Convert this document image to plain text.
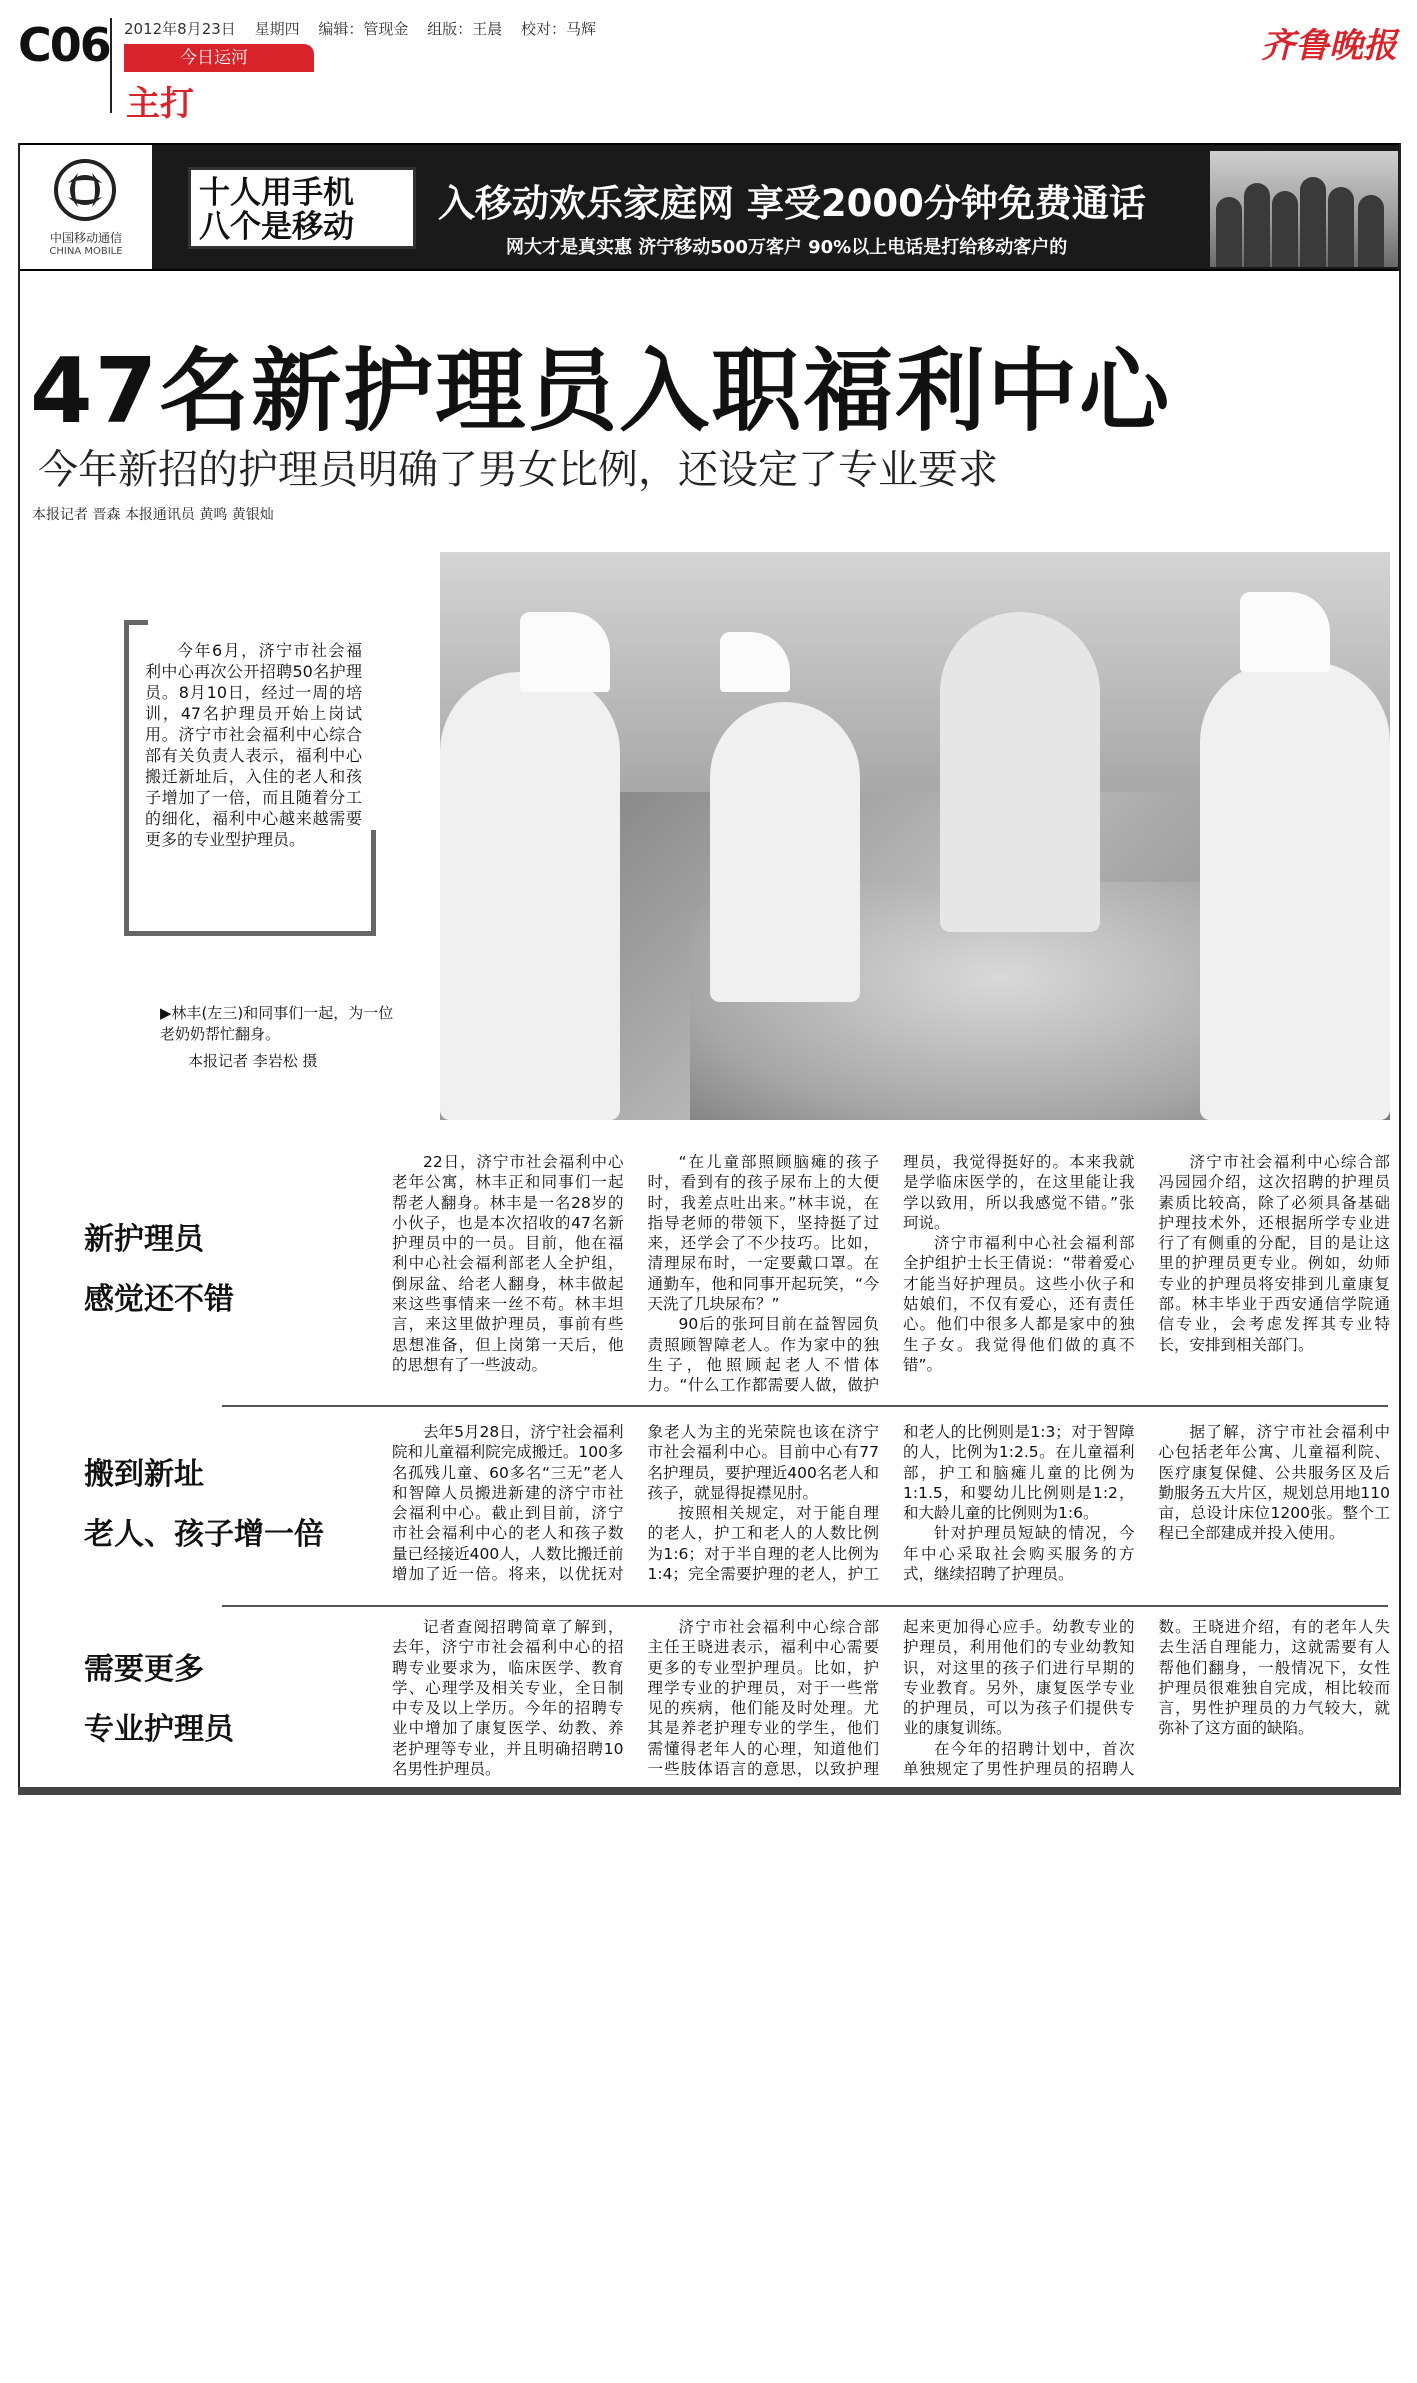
C06 2012年8月23日 星期四 编辑：管现金 组版：王晨 校对：马辉
今日运河
主打
齐鲁晚报
中国移动通信
CHINA MOBILE
十人用手机
八个是移动
入移动欢乐家庭网 享受2000分钟免费通话
网大才是真实惠 济宁移动500万客户 90%以上电话是打给移动客户的
47名新护理员入职福利中心
今年新招的护理员明确了男女比例，还设定了专业要求
本报记者 晋森 本报通讯员 黄鸣 黄银灿

今年6月，济宁市社会福利中心再次公开招聘50名护理员。8月10日，经过一周的培训，47名护理员开始上岗试用。济宁市社会福利中心综合部有关负责人表示，福利中心搬迁新址后，入住的老人和孩子增加了一倍，而且随着分工的细化，福利中心越来越需要更多的专业型护理员。

▶林丰(左三)和同事们一起，为一位老奶奶帮忙翻身。
本报记者 李岩松 摄
新护理员
感觉还不错

22日，济宁市社会福利中心老年公寓，林丰正和同事们一起帮老人翻身。林丰是一名28岁的小伙子，也是本次招收的47名新护理员中的一员。目前，他在福利中心社会福利部老人全护组，倒尿盆、给老人翻身，林丰做起来这些事情来一丝不苟。林丰坦言，来这里做护理员，事前有些思想准备，但上岗第一天后，他的思想有了一些波动。

“在儿童部照顾脑瘫的孩子时，看到有的孩子尿布上的大便时，我差点吐出来。”林丰说，在指导老师的带领下，坚持挺了过来，还学会了不少技巧。比如，清理尿布时，一定要戴口罩。在通勤车，他和同事开起玩笑，“今天洗了几块尿布？”

90后的张珂目前在益智园负责照顾智障老人。作为家中的独生子，他照顾起老人不惜体力。“什么工作都需要人做，做护理员，我觉得挺好的。本来我就是学临床医学的，在这里能让我学以致用，所以我感觉不错。”张珂说。

济宁市福利中心社会福利部全护组护士长王倩说：“带着爱心才能当好护理员。这些小伙子和姑娘们，不仅有爱心，还有责任心。他们中很多人都是家中的独生子女。我觉得他们做的真不错”。

济宁市社会福利中心综合部冯园园介绍，这次招聘的护理员素质比较高，除了必须具备基础护理技术外，还根据所学专业进行了有侧重的分配，目的是让这里的护理员更专业。例如，幼师专业的护理员将安排到儿童康复部。林丰毕业于西安通信学院通信专业，会考虑发挥其专业特长，安排到相关部门。

搬到新址
老人、孩子增一倍

去年5月28日，济宁社会福利院和儿童福利院完成搬迁。100多名孤残儿童、60多名“三无”老人和智障人员搬进新建的济宁市社会福利中心。截止到目前，济宁市社会福利中心的老人和孩子数量已经接近400人，人数比搬迁前增加了近一倍。将来，以优抚对象老人为主的光荣院也该在济宁市社会福利中心。目前中心有77名护理员，要护理近400名老人和孩子，就显得捉襟见肘。

按照相关规定，对于能自理的老人，护工和老人的人数比例为1:6；对于半自理的老人比例为1:4；完全需要护理的老人，护工和老人的比例则是1:3；对于智障的人，比例为1:2.5。在儿童福利部，护工和脑瘫儿童的比例为1:1.5，和婴幼儿比例则是1:2，和大龄儿童的比例则为1:6。

针对护理员短缺的情况，今年中心采取社会购买服务的方式，继续招聘了护理员。

据了解，济宁市社会福利中心包括老年公寓、儿童福利院、医疗康复保健、公共服务区及后勤服务五大片区，规划总用地110亩，总设计床位1200张。整个工程已全部建成并投入使用。

需要更多
专业护理员

记者查阅招聘简章了解到，去年，济宁市社会福利中心的招聘专业要求为，临床医学、教育学、心理学及相关专业，全日制中专及以上学历。今年的招聘专业中增加了康复医学、幼教、养老护理等专业，并且明确招聘10名男性护理员。

济宁市社会福利中心综合部主任王晓进表示，福利中心需要更多的专业型护理员。比如，护理学专业的护理员，对于一些常见的疾病，他们能及时处理。尤其是养老护理专业的学生，他们需懂得老年人的心理，知道他们一些肢体语言的意思，以致护理起来更加得心应手。幼教专业的护理员，利用他们的专业幼教知识，对这里的孩子们进行早期的专业教育。另外，康复医学专业的护理员，可以为孩子们提供专业的康复训练。

在今年的招聘计划中，首次单独规定了男性护理员的招聘人数。王晓进介绍，有的老年人失去生活自理能力，这就需要有人帮他们翻身，一般情况下，女性护理员很难独自完成，相比较而言，男性护理员的力气较大，就弥补了这方面的缺陷。
